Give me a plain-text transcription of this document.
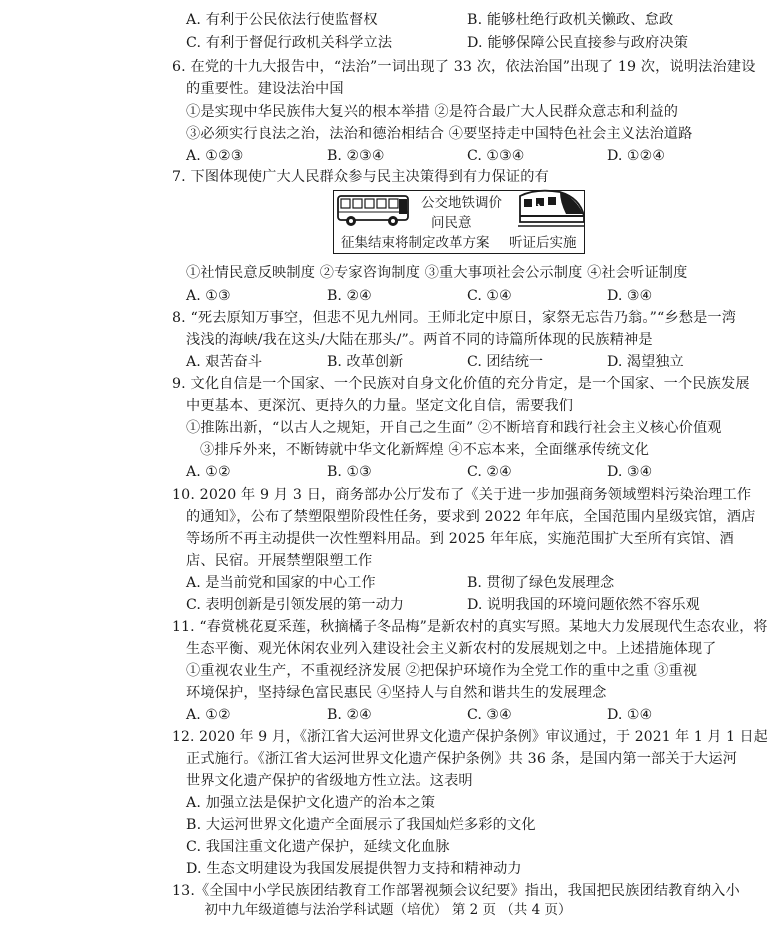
A. 有利于公民依法行使监督权	B. 能够杜绝行政机关懒政、怠政
C. 有利于督促行政机关科学立法	D. 能够保障公民直接参与政府决策
6. 在党的十九大报告中，“法治”一词出现了 33 次，依法治国”出现了 19 次，说明法治建设
的重要性。建设法治中国
①是实现中华民族伟大复兴的根本举措 ②是符合最广大人民群众意志和利益的
③必须实行良法之治，法治和德治相结合 ④要坚持走中国特色社会主义法治道路
A. ①②③	B. ②③④	C. ①③④	D. ①②④
7. 下图体现使广大人民群众参与民主决策得到有力保证的有
公交地铁调价
问民意
征集结束将制定改革方案 听证后实施
①社情民意反映制度 ②专家咨询制度 ③重大事项社会公示制度 ④社会听证制度
A. ①③	B. ②④	C. ①④	D. ③④
8. “死去原知万事空，但悲不见九州同。王师北定中原日，家祭无忘告乃翁。”“乡愁是一湾
浅浅的海峡/我在这头/大陆在那头/”。两首不同的诗篇所体现的民族精神是
A. 艰苦奋斗	B. 改革创新	C. 团结统一	D. 渴望独立
9. 文化自信是一个国家、一个民族对自身文化价值的充分肯定，是一个国家、一个民族发展
中更基本、更深沉、更持久的力量。坚定文化自信，需要我们
①推陈出新，“以古人之规矩，开自己之生面” ②不断培育和践行社会主义核心价值观
③排斥外来，不断铸就中华文化新辉煌 ④不忘本来，全面继承传统文化
A. ①②	B. ①③	C. ②④	D. ③④
10. 2020 年 9 月 3 日，商务部办公厅发布了《关于进一步加强商务领域塑料污染治理工作
的通知》，公布了禁塑限塑阶段性任务，要求到 2022 年年底，全国范围内星级宾馆，酒店
等场所不再主动提供一次性塑料用品。到 2025 年年底，实施范围扩大至所有宾馆、酒
店、民宿。开展禁塑限塑工作
A. 是当前党和国家的中心工作	B. 贯彻了绿色发展理念
C. 表明创新是引领发展的第一动力	D. 说明我国的环境问题依然不容乐观
11. “春赏桃花夏采莲，秋摘橘子冬品梅”是新农村的真实写照。某地大力发展现代生态农业，将
生态平衡、观光休闲农业列入建设社会主义新农村的发展规划之中。上述措施体现了
①重视农业生产，不重视经济发展 ②把保护环境作为全党工作的重中之重 ③重视
环境保护，坚持绿色富民惠民 ④坚持人与自然和谐共生的发展理念
A. ①②	B. ②④	C. ③④	D. ①④
12. 2020 年 9 月，《浙江省大运河世界文化遗产保护条例》审议通过，于 2021 年 1 月 1 日起
正式施行。《浙江省大运河世界文化遗产保护条例》共 36 条，是国内第一部关于大运河
世界文化遗产保护的省级地方性立法。这表明
A. 加强立法是保护文化遗产的治本之策
B. 大运河世界文化遗产全面展示了我国灿烂多彩的文化
C. 我国注重文化遗产保护，延续文化血脉
D. 生态文明建设为我国发展提供智力支持和精神动力
13.《全国中小学民族团结教育工作部署视频会议纪要》指出，我国把民族团结教育纳入小
初中九年级道德与法治学科试题（培优） 第 2 页 （共 4 页）
